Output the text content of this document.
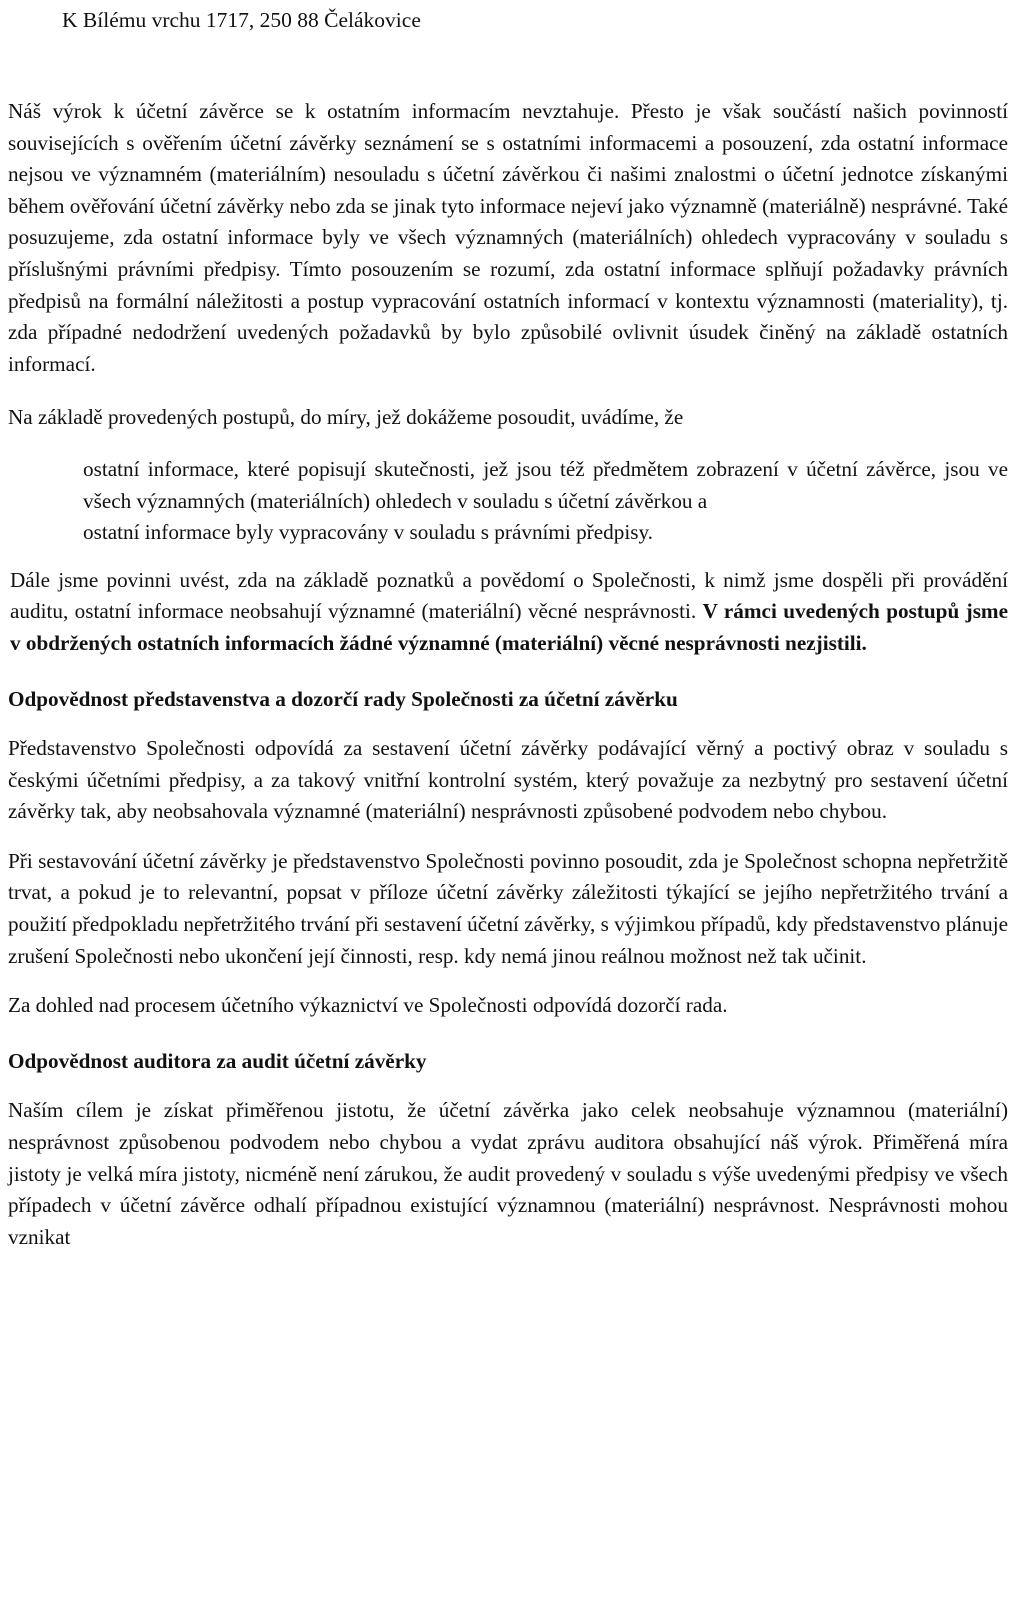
K Bílému vrchu 1717, 250 88 Čelákovice

Náš výrok k účetní závěrce se k ostatním informacím nevztahuje. Přesto je však součástí našich povinností souvisejících s ověřením účetní závěrky seznámení se s ostatními informacemi a posouzení, zda ostatní informace nejsou ve významném (materiálním) nesouladu s účetní závěrkou či našimi znalostmi o účetní jednotce získanými během ověřování účetní závěrky nebo zda se jinak tyto informace nejeví jako významně (materiálně) nesprávné. Také posuzujeme, zda ostatní informace byly ve všech významných (materiálních) ohledech vypracovány v souladu s příslušnými právními předpisy. Tímto posouzením se rozumí, zda ostatní informace splňují požadavky právních předpisů na formální náležitosti a postup vypracování ostatních informací v kontextu významnosti (materiality), tj. zda případné nedodržení uvedených požadavků by bylo způsobilé ovlivnit úsudek činěný na základě ostatních informací.

Na základě provedených postupů, do míry, jež dokážeme posoudit, uvádíme, že

ostatní informace, které popisují skutečnosti, jež jsou též předmětem zobrazení v účetní závěrce, jsou ve všech významných (materiálních) ohledech v souladu s účetní závěrkou a
ostatní informace byly vypracovány v souladu s právními předpisy.

Dále jsme povinni uvést, zda na základě poznatků a povědomí o Společnosti, k nimž jsme dospěli při provádění auditu, ostatní informace neobsahují významné (materiální) věcné nesprávnosti. V rámci uvedených postupů jsme v obdržených ostatních informacích žádné významné (materiální) věcné nesprávnosti nezjistili.

Odpovědnost představenstva a dozorčí rady Společnosti za účetní závěrku

Představenstvo Společnosti odpovídá za sestavení účetní závěrky podávající věrný a poctivý obraz v souladu s českými účetními předpisy, a za takový vnitřní kontrolní systém, který považuje za nezbytný pro sestavení účetní závěrky tak, aby neobsahovala významné (materiální) nesprávnosti způsobené podvodem nebo chybou.

Při sestavování účetní závěrky je představenstvo Společnosti povinno posoudit, zda je Společnost schopna nepřetržitě trvat, a pokud je to relevantní, popsat v příloze účetní závěrky záležitosti týkající se jejího nepřetržitého trvání a použití předpokladu nepřetržitého trvání při sestavení účetní závěrky, s výjimkou případů, kdy představenstvo plánuje zrušení Společnosti nebo ukončení její činnosti, resp. kdy nemá jinou reálnou možnost než tak učinit.

Za dohled nad procesem účetního výkaznictví ve Společnosti odpovídá dozorčí rada.

Odpovědnost auditora za audit účetní závěrky

Naším cílem je získat přiměřenou jistotu, že účetní závěrka jako celek neobsahuje významnou (materiální) nesprávnost způsobenou podvodem nebo chybou a vydat zprávu auditora obsahující náš výrok. Přiměřená míra jistoty je velká míra jistoty, nicméně není zárukou, že audit provedený v souladu s výše uvedenými předpisy ve všech případech v účetní závěrce odhalí případnou existující významnou (materiální) nesprávnost. Nesprávnosti mohou vznikat
